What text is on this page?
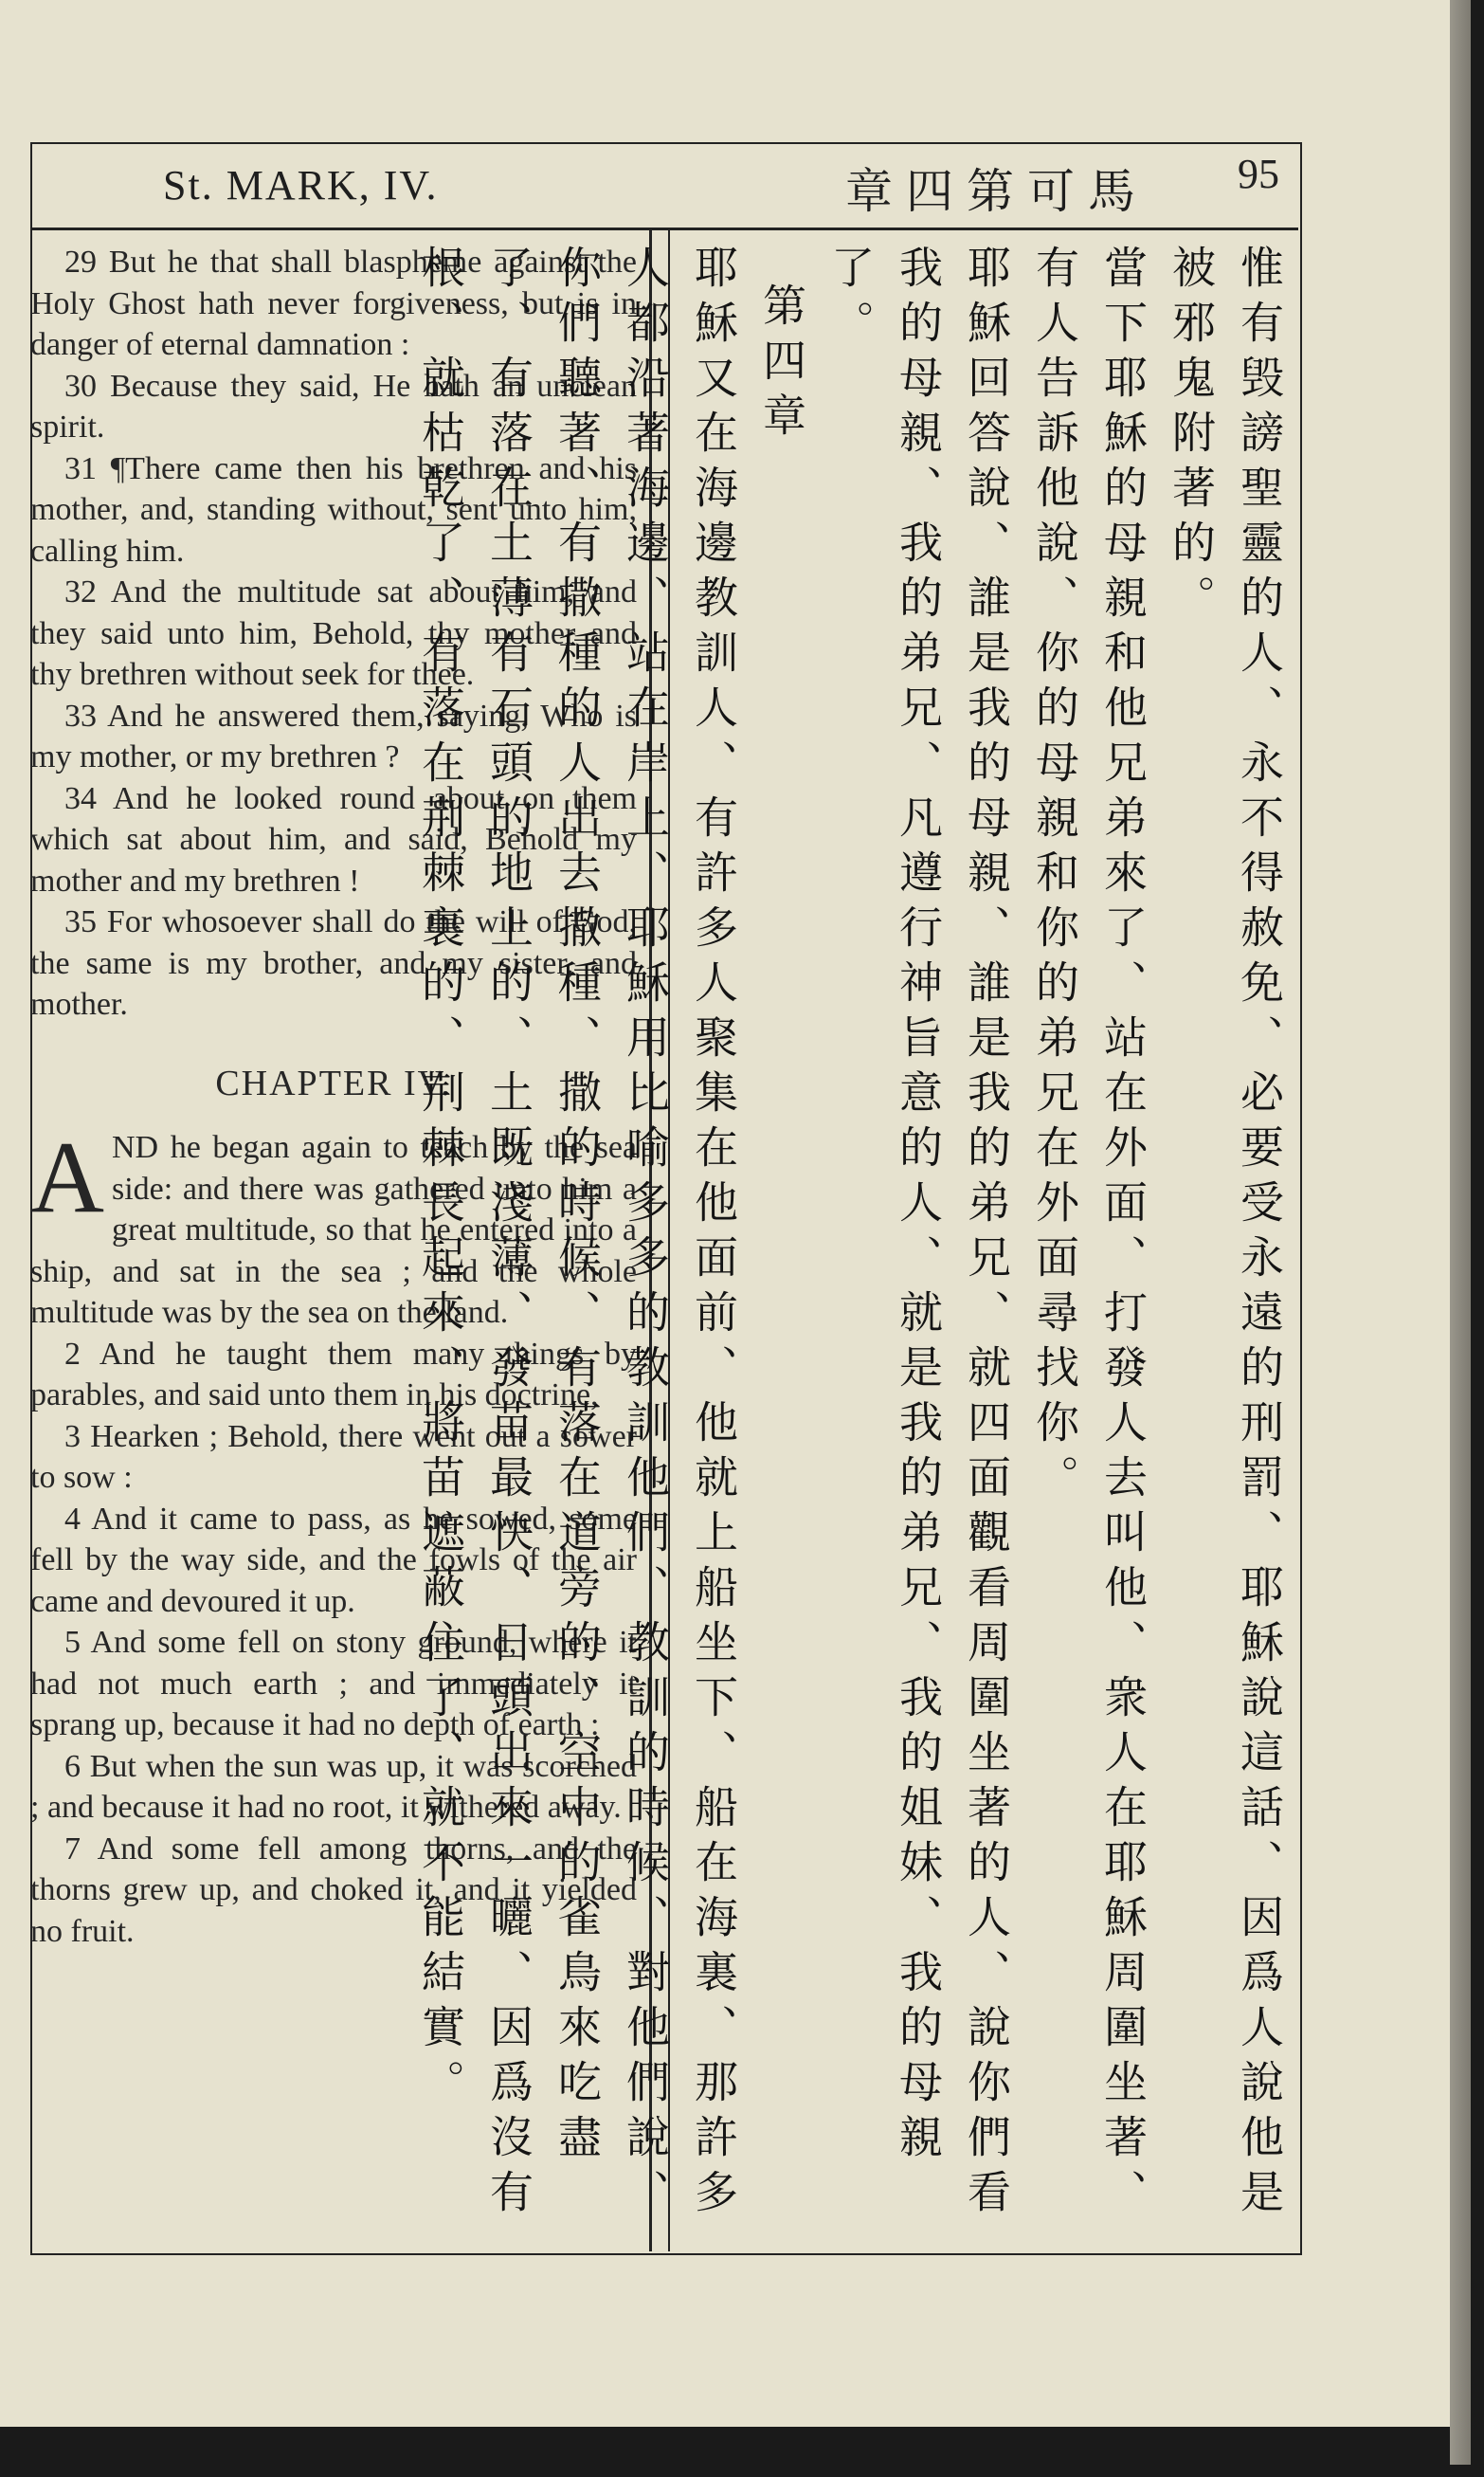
St. MARK, IV.	章四第可馬 95

29 But he that shall blaspheme against the Holy Ghost hath never forgiveness, but is in danger of eternal damnation :

30 Because they said, He hath an unclean spirit.

31 ¶There came then his brethren and his mother, and, standing without, sent unto him, calling him.

32 And the multitude sat about him, and they said unto him, Behold, thy mother and thy brethren without seek for thee.

33 And he answered them, saying, Who is my mother, or my brethren ?

34 And he looked round about on them which sat about him, and said, Behold my mother and my brethren !

35 For whosoever shall do the will of God, the same is my brother, and my sister, and mother.

CHAPTER IV.

AND he began again to teach by the sea side: and there was gathered unto him a great multitude, so that he entered into a ship, and sat in the sea ; and the whole multitude was by the sea on the land.

2 And he taught them many things by parables, and said unto them in his doctrine,

3 Hearken ; Behold, there went out a sower to sow :

4 And it came to pass, as he sowed, some fell by the way side, and the fowls of the air came and devoured it up.

5 And some fell on stony ground, where it had not much earth ; and immediately it sprang up, because it had no depth of earth :

6 But when the sun was up, it was scorched ; and because it had no root, it withered away.

7 And some fell among thorns, and the thorns grew up, and choked it, and it yielded no fruit.	惟有毁謗聖靈的人、永不得赦免、必要受永遠的刑罰、耶穌說這話、因爲人說他是被邪鬼附著的。
當下耶穌的母親和他兄弟來了、站在外面、打發人去叫他、衆人在耶穌周圍坐著、有人告訴他說、你的母親和你的弟兄在外面尋找你。
耶穌回答說、誰是我的母親、誰是我的弟兄、就四面觀看周圍坐著的人、說你們看我的母親、我的弟兄、凡遵行神旨意的人、就是我的弟兄、我的姐妹、我的母親了。
第四章
耶穌又在海邊教訓人、有許多人聚集在他面前、他就上船坐下、船在海裏、那許多人都沿著海邊、站在岸上、耶穌用比喻多多的教訓他們、教訓的時候、對他們說、你們聽著、有撒種的人出去撒種、撒的時候、有落在道旁的、空中的雀鳥來吃盡了、有落在土薄有石頭的地上的、土既淺薄、發苗最快、日頭出來一曬、因爲沒有根、就枯乾了、有落在荆棘裏的、荆棘長起來、將苗遮蔽住了、就不能結實。
